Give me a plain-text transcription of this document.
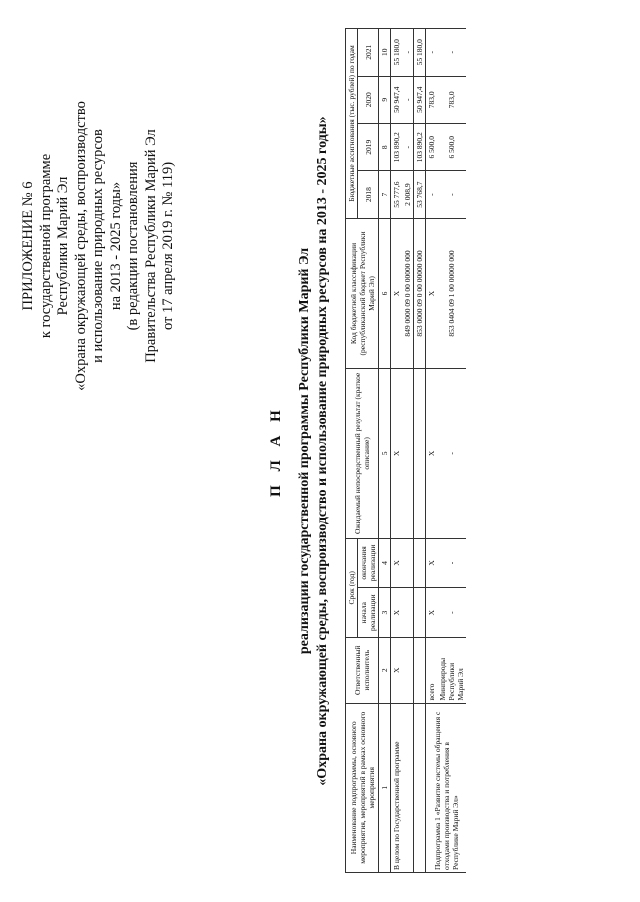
ПРИЛОЖЕНИЕ № 6 к государственной программе Республики Марий Эл «Охрана окружающей среды, воспроизводство и использование природных ресурсов на 2013 - 2025 годы» (в редакции постановления Правительства Республики Марий Эл от 17 апреля 2019 г. № 119)
П Л А Н реализации государственной программы Республики Марий Эл «Охрана окружающей среды, воспроизводство и использование природных ресурсов на 2013 - 2025 годы»
Наименование подпрограммы, основного мероприятия, мероприятий в рамках основного мероприятия	Ответственный исполнитель	Срок (год)		Ожидаемый непосредственный результат (краткое описание)	Код бюджетной классификации (республиканский бюджет Республики Марий Эл)	Бюджетные ассигнования (тыс. рублей) по годам			
		начала реализации	окончания реализации			2018	2019	2020	2021
1	2	3	4	5	6	7	8	9	10
В целом по Государственной программе	Х	Х	Х	Х	Х	55 777,6	103 890,2	50 947,4	55 180,0
					849 0000 09 0 00 00000 000	2 008,9	-	-	-
					853 0000 09 0 00 00000 000	53 768,7	103 890,2	50 947,4	55 180,0
Подпрограмма 1 «Развитие системы обращения с отходами производства и потребления в Республике Марий Эл»	всего	Х	Х	Х	Х	-	6 500,0	783,0	-
	Минприроды Республики Марий Эл	-	-	-	853 0404 09 1 00 00000 000	-	6 500,0	783,0	-
